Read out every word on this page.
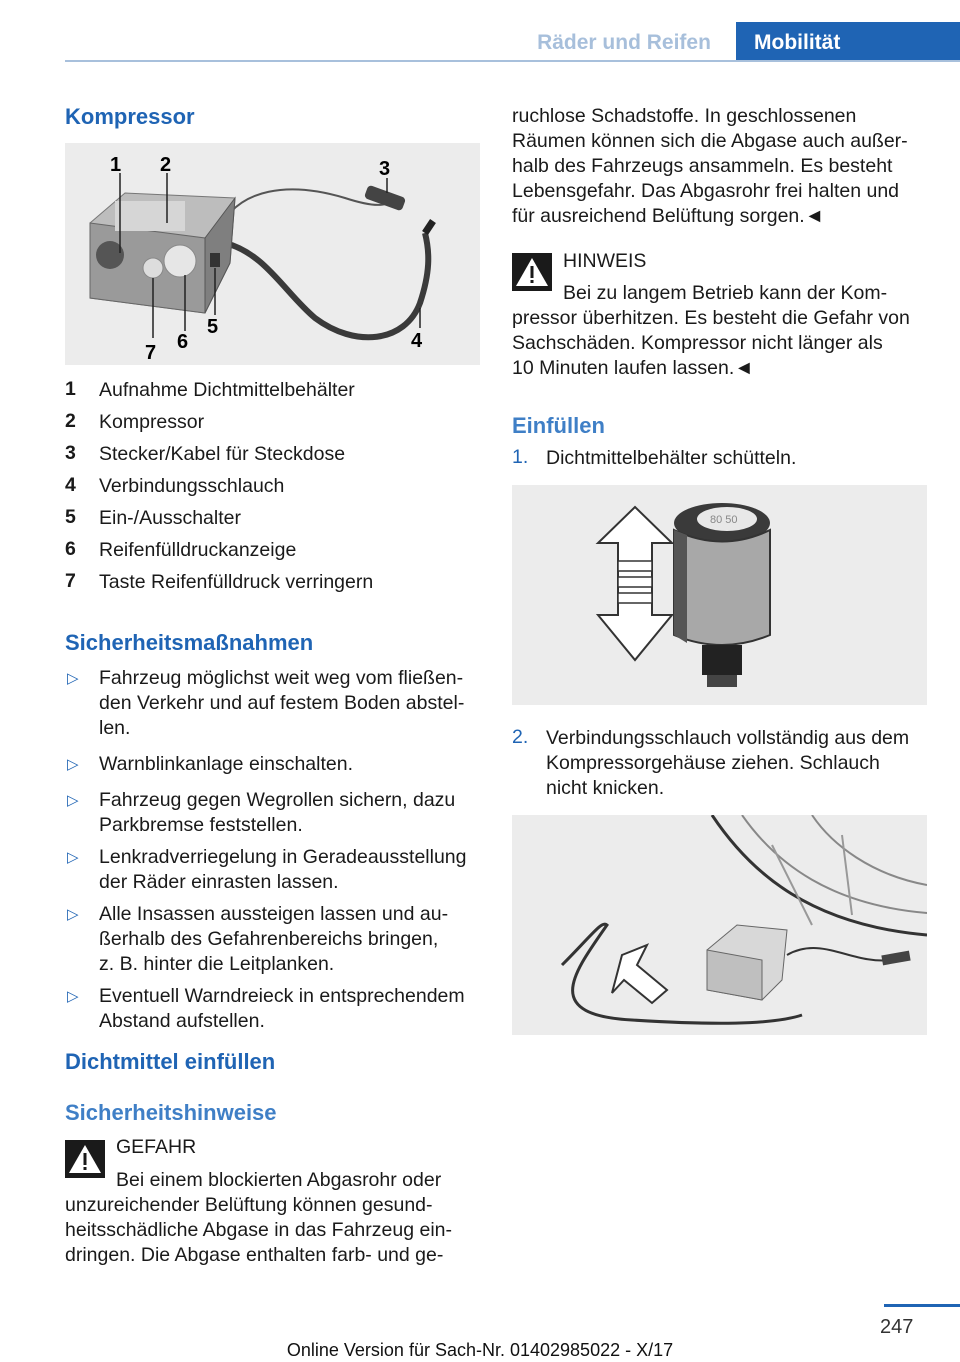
Räder und Reifen	Mobilität
Kompressor
1 2	3
4
5
6
7
1 Aufnahme Dichtmittelbehälter
2 Kompressor
3 Stecker/Kabel für Steckdose
4 Verbindungsschlauch
5 Ein-/Ausschalter
6 Reifenfülldruckanzeige
7 Taste Reifenfülldruck verringern
Sicherheitsmaßnahmen
▷ Fahrzeug möglichst weit weg vom fließen-
den Verkehr und auf festem Boden abstel-
len.
▷ Warnblinkanlage einschalten.
▷ Fahrzeug gegen Wegrollen sichern, dazu
Parkbremse feststellen.
▷ Lenkradverriegelung in Geradeausstellung
der Räder einrasten lassen.
▷ Alle Insassen aussteigen lassen und au-
ßerhalb des Gefahrenbereichs bringen,
z. B. hinter die Leitplanken.
▷ Eventuell Warndreieck in entsprechendem
Abstand aufstellen.
Dichtmittel einfüllen
Sicherheitshinweise
GEFAHR
Bei einem blockierten Abgasrohr oder
unzureichender Belüftung können gesund-
heitsschädliche Abgase in das Fahrzeug ein-
dringen. Die Abgase enthalten farb- und ge-
ruchlose Schadstoffe. In geschlossenen
Räumen können sich die Abgase auch außer-
halb des Fahrzeugs ansammeln. Es besteht
Lebensgefahr. Das Abgasrohr frei halten und
für ausreichend Belüftung sorgen.◄
HINWEIS
Bei zu langem Betrieb kann der Kom-
pressor überhitzen. Es besteht die Gefahr von
Sachschäden. Kompressor nicht länger als
10 Minuten laufen lassen.◄
Einfüllen
1. Dichtmittelbehälter schütteln.
80 50
2. Verbindungsschlauch vollständig aus dem
Kompressorgehäuse ziehen. Schlauch
nicht knicken.
247
Online Version für Sach-Nr. 01402985022 - X/17
